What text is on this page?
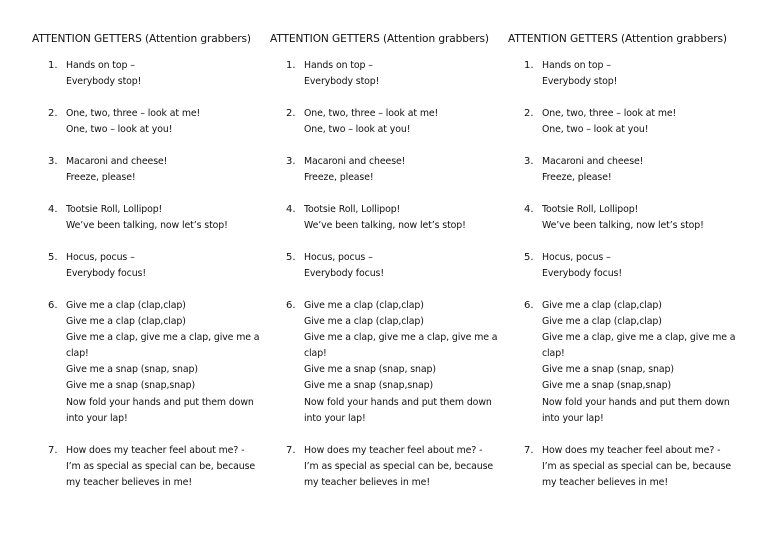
ATTENTION GETTERS (Attention grabbers)
1. Hands on top –
Everybody stop!
2. One, two, three – look at me!
One, two – look at you!
3. Macaroni and cheese!
Freeze, please!
4. Tootsie Roll, Lollipop!
We’ve been talking, now let’s stop!
5. Hocus, pocus –
Everybody focus!
6. Give me a clap (clap,clap)
Give me a clap (clap,clap)
Give me a clap, give me a clap, give me a
clap!
Give me a snap (snap, snap)
Give me a snap (snap,snap)
Now fold your hands and put them down
into your lap!
7. How does my teacher feel about me? -
I’m as special as special can be, because
my teacher believes in me!
ATTENTION GETTERS (Attention grabbers)
1. Hands on top –
Everybody stop!
2. One, two, three – look at me!
One, two – look at you!
3. Macaroni and cheese!
Freeze, please!
4. Tootsie Roll, Lollipop!
We’ve been talking, now let’s stop!
5. Hocus, pocus –
Everybody focus!
6. Give me a clap (clap,clap)
Give me a clap (clap,clap)
Give me a clap, give me a clap, give me a
clap!
Give me a snap (snap, snap)
Give me a snap (snap,snap)
Now fold your hands and put them down
into your lap!
7. How does my teacher feel about me? -
I’m as special as special can be, because
my teacher believes in me!
ATTENTION GETTERS (Attention grabbers)
1. Hands on top –
Everybody stop!
2. One, two, three – look at me!
One, two – look at you!
3. Macaroni and cheese!
Freeze, please!
4. Tootsie Roll, Lollipop!
We’ve been talking, now let’s stop!
5. Hocus, pocus –
Everybody focus!
6. Give me a clap (clap,clap)
Give me a clap (clap,clap)
Give me a clap, give me a clap, give me a
clap!
Give me a snap (snap, snap)
Give me a snap (snap,snap)
Now fold your hands and put them down
into your lap!
7. How does my teacher feel about me? -
I’m as special as special can be, because
my teacher believes in me!
